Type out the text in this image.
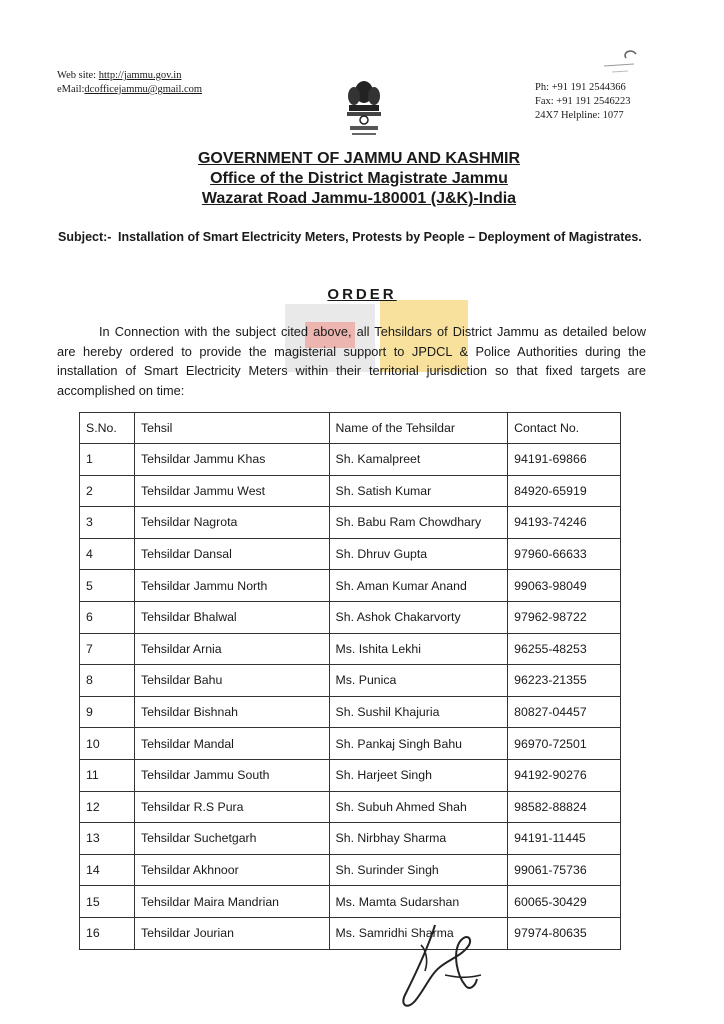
Web site: http://jammu.gov.in
eMail:dcofficejammu@gmail.com	Ph: +91 191 2544366
Fax: +91 191 2546223
24X7 Helpline: 1077
GOVERNMENT OF JAMMU AND KASHMIR
Office of the District Magistrate Jammu
Wazarat Road Jammu-180001 (J&K)-India
Subject:- Installation of Smart Electricity Meters, Protests by People – Deployment of Magistrates.
ORDER
In Connection with the subject cited above, all Tehsildars of District Jammu as detailed below are hereby ordered to provide the magisterial support to JPDCL & Police Authorities during the installation of Smart Electricity Meters within their territorial jurisdiction so that fixed targets are accomplished on time:
S.No.	Tehsil	Name of the Tehsildar	Contact No.
1	Tehsildar Jammu Khas	Sh. Kamalpreet	94191-69866
2	Tehsildar Jammu West	Sh. Satish Kumar	84920-65919
3	Tehsildar Nagrota	Sh. Babu Ram Chowdhary	94193-74246
4	Tehsildar Dansal	Sh. Dhruv Gupta	97960-66633
5	Tehsildar Jammu North	Sh. Aman Kumar Anand	99063-98049
6	Tehsildar Bhalwal	Sh. Ashok Chakarvorty	97962-98722
7	Tehsildar Arnia	Ms. Ishita Lekhi	96255-48253
8	Tehsildar Bahu	Ms. Punica	96223-21355
9	Tehsildar Bishnah	Sh. Sushil Khajuria	80827-04457
10	Tehsildar Mandal	Sh. Pankaj Singh Bahu	96970-72501
11	Tehsildar Jammu South	Sh. Harjeet Singh	94192-90276
12	Tehsildar R.S Pura	Sh. Subuh Ahmed Shah	98582-88824
13	Tehsildar Suchetgarh	Sh. Nirbhay Sharma	94191-11445
14	Tehsildar Akhnoor	Sh. Surinder Singh	99061-75736
15	Tehsildar Maira Mandrian	Ms. Mamta Sudarshan	60065-30429
16	Tehsildar Jourian	Ms. Samridhi Sharma	97974-80635
